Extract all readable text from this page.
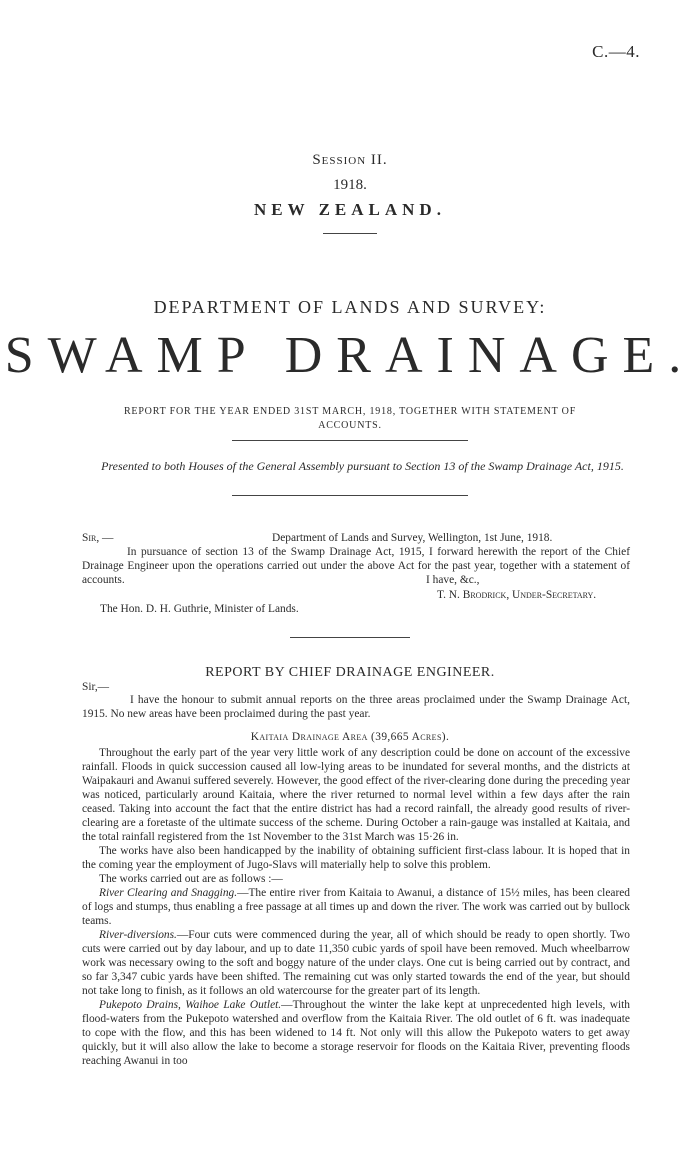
C.—4.
Session II.
1918.
NEW ZEALAND.
DEPARTMENT OF LANDS AND SURVEY:
SWAMP DRAINAGE.
REPORT FOR THE YEAR ENDED 31ST MARCH, 1918, TOGETHER WITH STATEMENT OF ACCOUNTS.
Presented to both Houses of the General Assembly pursuant to Section 13 of the Swamp Drainage Act, 1915.
Sir, —	Department of Lands and Survey, Wellington, 1st June, 1918.
In pursuance of section 13 of the Swamp Drainage Act, 1915, I forward herewith the report of the Chief Drainage Engineer upon the operations carried out under the above Act for the past year, together with a statement of accounts.	I have, &c.,
T. N. Brodrick, Under-Secretary.
The Hon. D. H. Guthrie, Minister of Lands.
REPORT BY CHIEF DRAINAGE ENGINEER.
Sir,—
I have the honour to submit annual reports on the three areas proclaimed under the Swamp Drainage Act, 1915. No new areas have been proclaimed during the past year.
Kaitaia Drainage Area (39,665 Acres).

Throughout the early part of the year very little work of any description could be done on account of the excessive rainfall. Floods in quick succession caused all low-lying areas to be inundated for several months, and the districts at Waipakauri and Awanui suffered severely. However, the good effect of the river-clearing done during the preceding year was noticed, particularly around Kaitaia, where the river returned to normal level within a few days after the rain ceased. Taking into account the fact that the entire district has had a record rainfall, the already good results of river-clearing are a foretaste of the ultimate success of the scheme. During October a rain-gauge was installed at Kaitaia, and the total rainfall registered from the 1st November to the 31st March was 15·26 in.

The works have also been handicapped by the inability of obtaining sufficient first-class labour. It is hoped that in the coming year the employment of Jugo-Slavs will materially help to solve this problem.

The works carried out are as follows :—

River Clearing and Snagging.—The entire river from Kaitaia to Awanui, a distance of 15½ miles, has been cleared of logs and stumps, thus enabling a free passage at all times up and down the river. The work was carried out by bullock teams.

River-diversions.—Four cuts were commenced during the year, all of which should be ready to open shortly. Two cuts were carried out by day labour, and up to date 11,350 cubic yards of spoil have been removed. Much wheelbarrow work was necessary owing to the soft and boggy nature of the under clays. One cut is being carried out by contract, and so far 3,347 cubic yards have been shifted. The remaining cut was only started towards the end of the year, but should not take long to finish, as it follows an old watercourse for the greater part of its length.

Pukepoto Drains, Waihoe Lake Outlet.—Throughout the winter the lake kept at unprecedented high levels, with flood-waters from the Pukepoto watershed and overflow from the Kaitaia River. The old outlet of 6 ft. was inadequate to cope with the flow, and this has been widened to 14 ft. Not only will this allow the Pukepoto waters to get away quickly, but it will also allow the lake to become a storage reservoir for floods on the Kaitaia River, preventing floods reaching Awanui in too
